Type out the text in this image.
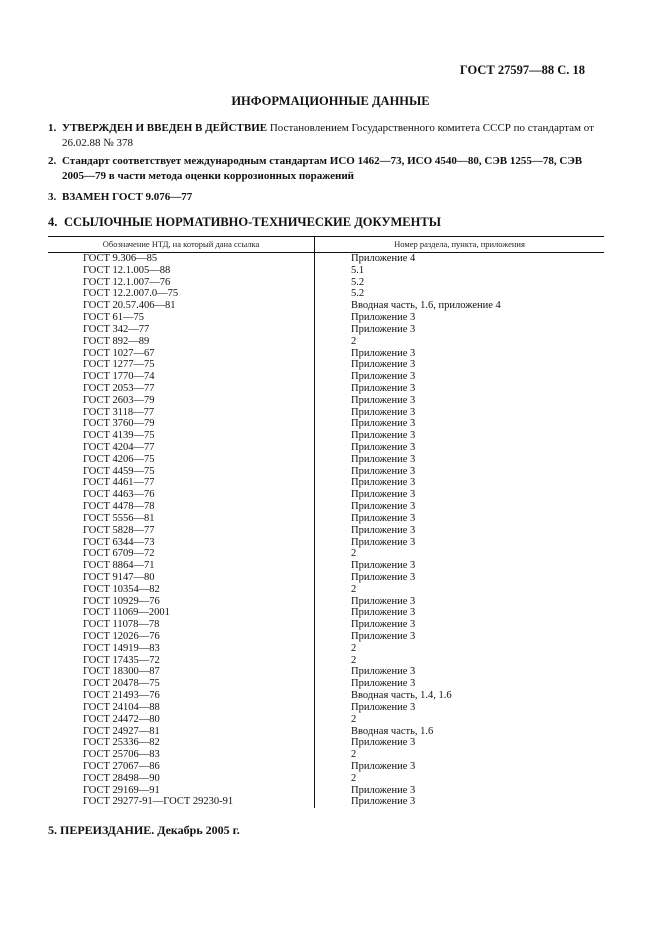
ГОСТ 27597—88 С. 18
ИНФОРМАЦИОННЫЕ ДАННЫЕ
1. УТВЕРЖДЕН И ВВЕДЕН В ДЕЙСТВИЕ Постановлением Государственного комитета СССР по стандартам от 26.02.88 № 378
2. Стандарт соответствует международным стандартам ИСО 1462—73, ИСО 4540—80, СЭВ 1255—78, СЭВ 2005—79 в части метода оценки коррозионных поражений
3. ВЗАМЕН ГОСТ 9.076—77
4. ССЫЛОЧНЫЕ НОРМАТИВНО-ТЕХНИЧЕСКИЕ ДОКУМЕНТЫ
Обозначение НТД, на который дана ссылка	Номер раздела, пункта, приложения
ГОСТ 9.306—85	Приложение 4
ГОСТ 12.1.005—88	5.1
ГОСТ 12.1.007—76	5.2
ГОСТ 12.2.007.0—75	5.2
ГОСТ 20.57.406—81	Вводная часть, 1.6, приложение 4
ГОСТ 61—75	Приложение 3
ГОСТ 342—77	Приложение 3
ГОСТ 892—89	2
ГОСТ 1027—67	Приложение 3
ГОСТ 1277—75	Приложение 3
ГОСТ 1770—74	Приложение 3
ГОСТ 2053—77	Приложение 3
ГОСТ 2603—79	Приложение 3
ГОСТ 3118—77	Приложение 3
ГОСТ 3760—79	Приложение 3
ГОСТ 4139—75	Приложение 3
ГОСТ 4204—77	Приложение 3
ГОСТ 4206—75	Приложение 3
ГОСТ 4459—75	Приложение 3
ГОСТ 4461—77	Приложение 3
ГОСТ 4463—76	Приложение 3
ГОСТ 4478—78	Приложение 3
ГОСТ 5556—81	Приложение 3
ГОСТ 5828—77	Приложение 3
ГОСТ 6344—73	Приложение 3
ГОСТ 6709—72	2
ГОСТ 8864—71	Приложение 3
ГОСТ 9147—80	Приложение 3
ГОСТ 10354—82	2
ГОСТ 10929—76	Приложение 3
ГОСТ 11069—2001	Приложение 3
ГОСТ 11078—78	Приложение 3
ГОСТ 12026—76	Приложение 3
ГОСТ 14919—83	2
ГОСТ 17435—72	2
ГОСТ 18300—87	Приложение 3
ГОСТ 20478—75	Приложение 3
ГОСТ 21493—76	Вводная часть, 1.4, 1.6
ГОСТ 24104—88	Приложение 3
ГОСТ 24472—80	2
ГОСТ 24927—81	Вводная часть, 1.6
ГОСТ 25336—82	Приложение 3
ГОСТ 25706—83	2
ГОСТ 27067—86	Приложение 3
ГОСТ 28498—90	2
ГОСТ 29169—91	Приложение 3
ГОСТ 29277-91—ГОСТ 29230-91	Приложение 3
5. ПЕРЕИЗДАНИЕ. Декабрь 2005 г.
